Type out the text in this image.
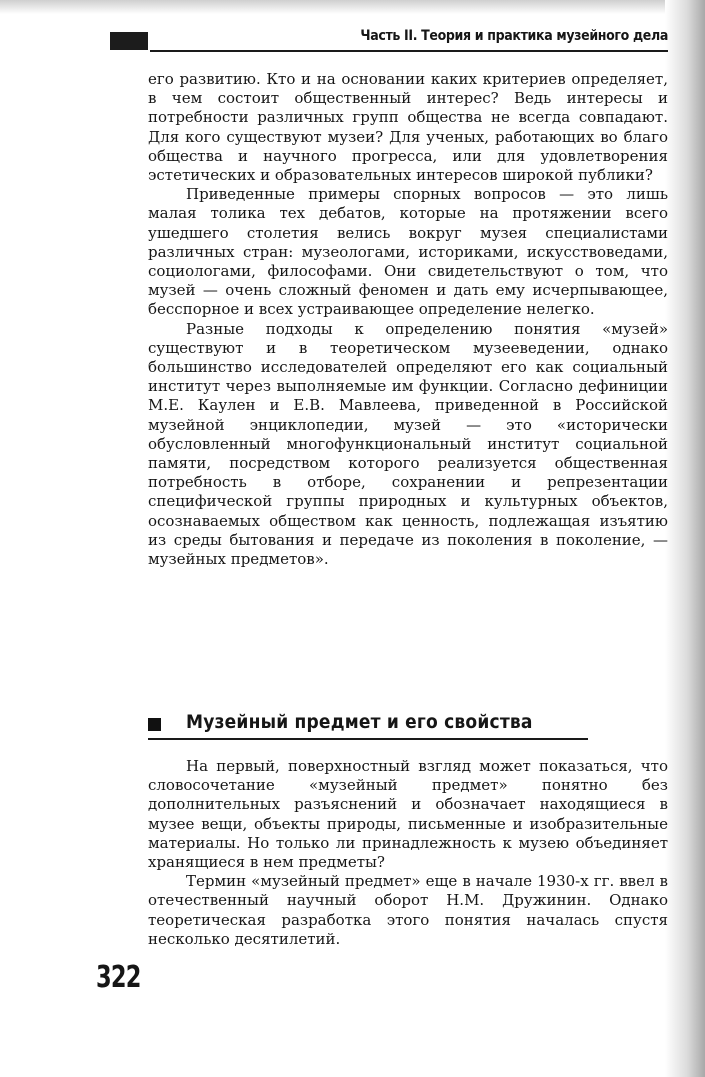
Часть II. Теория и практика музейного дела

его развитию. Кто и на основании каких критериев определяет, в чем состоит общественный интерес? Ведь интересы и потребности различных групп общества не всегда совпадают. Для кого существуют музеи? Для ученых, работающих во благо общества и научного прогресса, или для удовлетворения эстетических и образовательных интересов широкой публики?

Приведенные примеры спорных вопросов — это лишь малая толика тех дебатов, которые на протяжении всего ушедшего столетия велись вокруг музея специалистами различных стран: музеологами, историками, искусствоведами, социологами, философами. Они свидетельствуют о том, что музей — очень сложный феномен и дать ему исчерпывающее, бесспорное и всех устраивающее определение нелегко.

Разные подходы к определению понятия «музей» существуют и в теоретическом музееведении, однако большинство исследователей определяют его как социальный институт через выполняемые им функции. Согласно дефиниции М.Е. Каулен и Е.В. Мавлеева, приведенной в Российской музейной энциклопедии, музей — это «исторически обусловленный многофункциональный институт социальной памяти, посредством которого реализуется общественная потребность в отборе, сохранении и репрезентации специфической группы природных и культурных объектов, осознаваемых обществом как ценность, подлежащая изъятию из среды бытования и передаче из поколения в поколение, — музейных предметов».

Музейный предмет и его свойства

На первый, поверхностный взгляд может показаться, что словосочетание «музейный предмет» понятно без дополнительных разъяснений и обозначает находящиеся в музее вещи, объекты природы, письменные и изобразительные материалы. Но только ли принадлежность к музею объединяет хранящиеся в нем предметы?

Термин «музейный предмет» еще в начале 1930-х гг. ввел в отечественный научный оборот Н.М. Дружинин. Однако теоретическая разработка этого понятия началась спустя несколько десятилетий.

322
